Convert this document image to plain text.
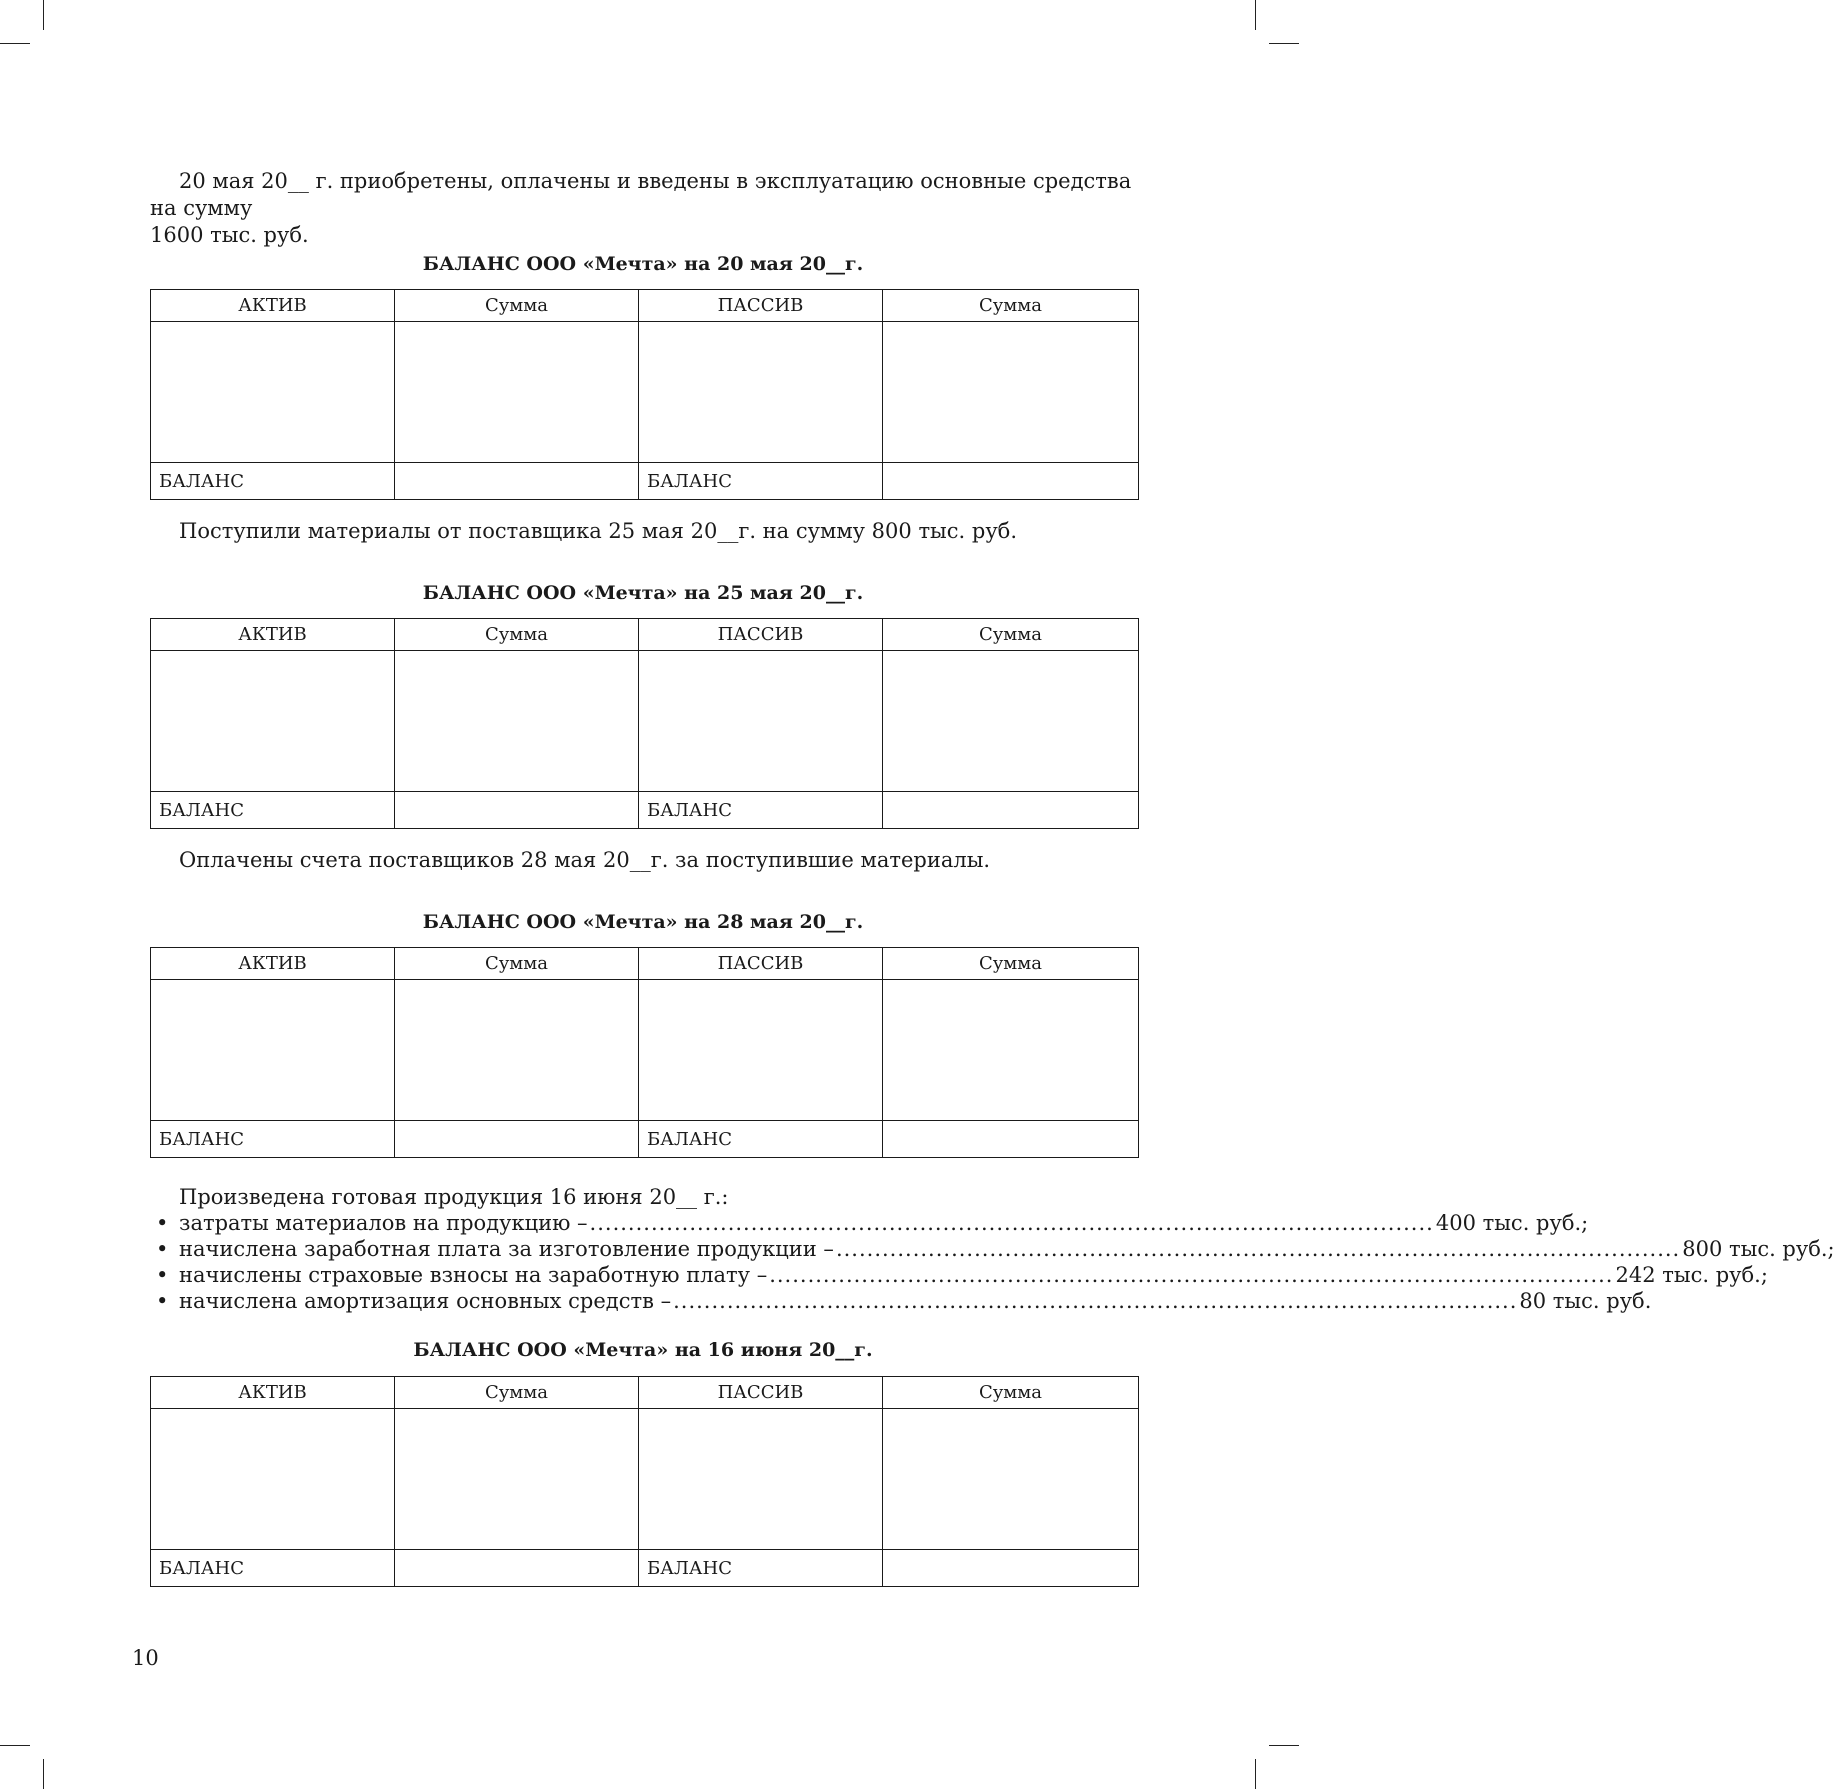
20 мая 20__ г. приобретены, оплачены и введены в эксплуатацию основные средства на сумму
1600 тыс. руб.
БАЛАНС ООО «Мечта» на 20 мая 20__г.
АКТИВ	Сумма	ПАССИВ	Сумма

БАЛАНС		БАЛАНС	
Поступили материалы от поставщика 25 мая 20__г. на сумму 800 тыс. руб.
БАЛАНС ООО «Мечта» на 25 мая 20__г.
АКТИВ	Сумма	ПАССИВ	Сумма

БАЛАНС		БАЛАНС	
Оплачены счета поставщиков 28 мая 20__г. за поступившие материалы.
БАЛАНС ООО «Мечта» на 28 мая 20__г.
АКТИВ	Сумма	ПАССИВ	Сумма

БАЛАНС		БАЛАНС	
Произведена готовая продукция 16 июня 20__ г.:
• затраты материалов на продукцию – .............................................................................................................. 400 тыс. руб.;
• начислена заработная плата за изготовление продукции – .............................................................................................................. 800 тыс. руб.;
• начислены страховые взносы на заработную плату – .............................................................................................................. 242 тыс. руб.;
• начислена амортизация основных средств – .............................................................................................................. 80 тыс. руб.
БАЛАНС ООО «Мечта» на 16 июня 20__г.
АКТИВ	Сумма	ПАССИВ	Сумма

БАЛАНС		БАЛАНС	
10
